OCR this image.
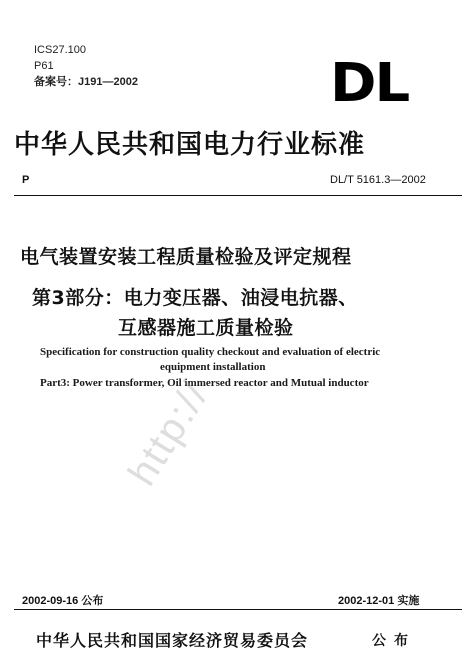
ICS27.100
P61
备案号：J191—2002	DL
中华人民共和国电力行业标准
P	DL/T 5161.3—2002
电气装置安装工程质量检验及评定规程
第3部分：电力变压器、油浸电抗器、
互感器施工质量检验
Specification for construction quality checkout and evaluation of electric
equipment installation
Part3: Power transformer, Oil immersed reactor and Mutual inductor
http://
2002-09-16 公布	2002-12-01 实施
中华人民共和国国家经济贸易委员会	公布
